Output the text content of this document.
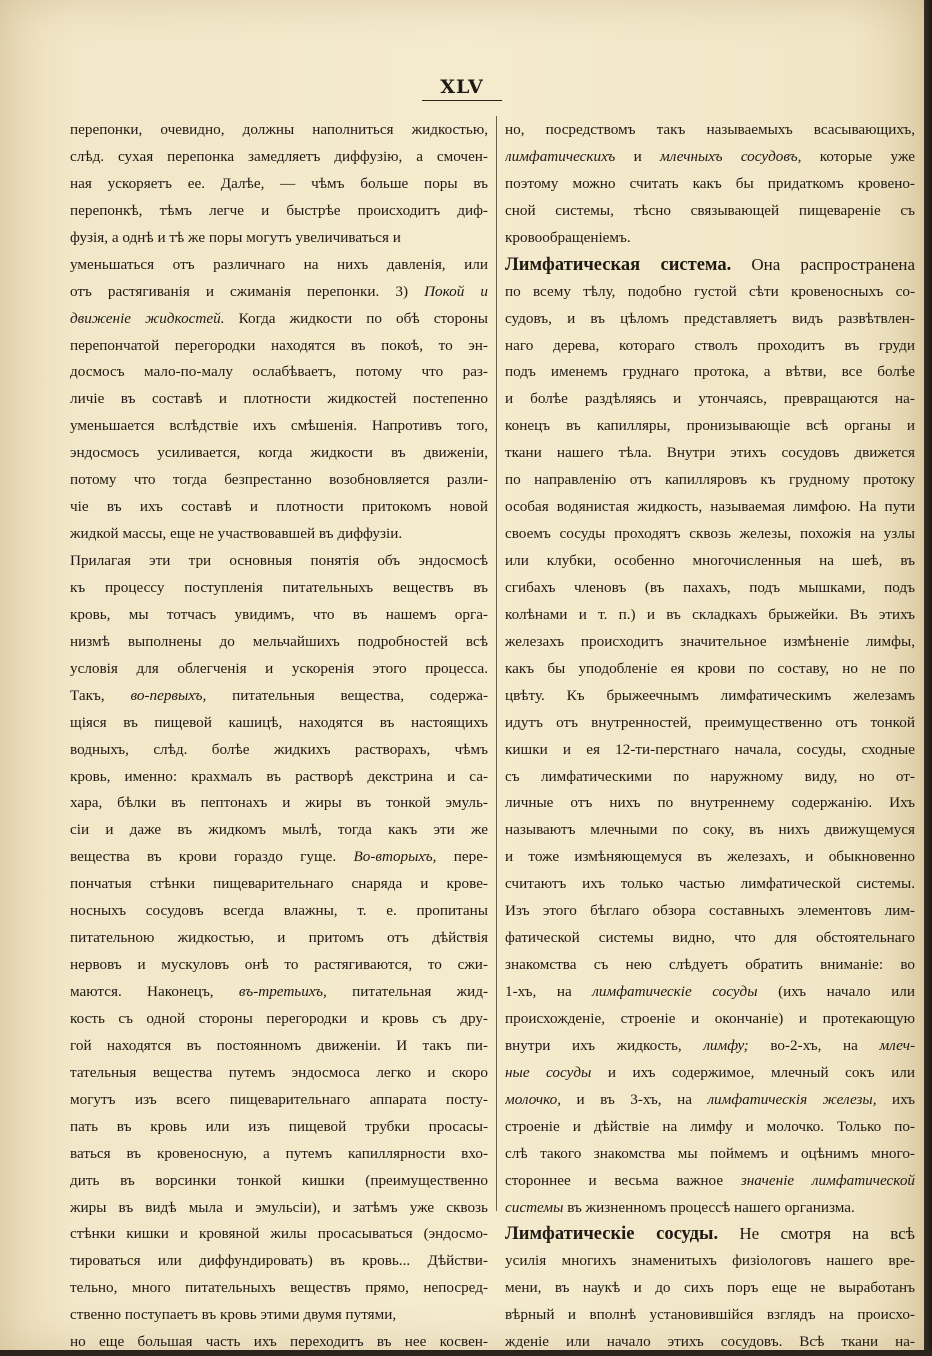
XLV
перепонки, очевидно, должны наполниться жидкостью,
слѣд. сухая перепонка замедляетъ диффузію, а смочен-
ная ускоряетъ ее. Далѣе, — чѣмъ больше поры въ
перепонкѣ, тѣмъ легче и быстрѣе происходитъ диф-
фузія, а однѣ и тѣ же поры могутъ увеличиваться и
уменьшаться отъ различнаго на нихъ давленія, или
отъ растягиванія и сжиманія перепонки. 3) Покой и
движеніе жидкостей. Когда жидкости по обѣ стороны
перепончатой перегородки находятся въ покоѣ, то эн-
досмосъ мало-по-малу ослабѣваетъ, потому что раз-
личіе въ составѣ и плотности жидкостей постепенно
уменьшается вслѣдствіе ихъ смѣшенія. Напротивъ того,
эндосмосъ усиливается, когда жидкости въ движеніи,
потому что тогда безпрестанно возобновляется разли-
чіе въ ихъ составѣ и плотности притокомъ новой
жидкой массы, еще не участвовавшей въ диффузіи.
Прилагая эти три основныя понятія объ эндосмосѣ
къ процессу поступленія питательныхъ веществъ въ
кровь, мы тотчасъ увидимъ, что въ нашемъ орга-
низмѣ выполнены до мельчайшихъ подробностей всѣ
условія для облегченія и ускоренія этого процесса.
Такъ, во-первыхъ, питательныя вещества, содержа-
щіяся въ пищевой кашицѣ, находятся въ настоящихъ
водныхъ, слѣд. болѣе жидкихъ растворахъ, чѣмъ
кровь, именно: крахмалъ въ растворѣ декстрина и са-
хара, бѣлки въ пептонахъ и жиры въ тонкой эмуль-
сіи и даже въ жидкомъ мылѣ, тогда какъ эти же
вещества въ крови гораздо гуще. Во-вторыхъ, пере-
пончатыя стѣнки пищеварительнаго снаряда и крове-
носныхъ сосудовъ всегда влажны, т. е. пропитаны
питательною жидкостью, и притомъ отъ дѣйствія
нервовъ и мускуловъ онѣ то растягиваются, то сжи-
маются. Наконецъ, въ-третьихъ, питательная жид-
кость съ одной стороны перегородки и кровь съ дру-
гой находятся въ постоянномъ движеніи. И такъ пи-
тательныя вещества путемъ эндосмоса легко и скоро
могутъ изъ всего пищеварительнаго аппарата посту-
пать въ кровь или изъ пищевой трубки просасы-
ваться въ кровеносную, а путемъ капиллярности вхо-
дить въ ворсинки тонкой кишки (преимущественно
жиры въ видѣ мыла и эмульсіи), и затѣмъ уже сквозь
стѣнки кишки и кровяной жилы просасываться (эндосмо-
тироваться или диффундировать) въ кровь... Дѣйстви-
тельно, много питательныхъ веществъ прямо, непосред-
ственно поступаетъ въ кровь этими двумя путями,
но еще большая часть ихъ переходитъ въ нее косвен-
но, посредствомъ такъ называемыхъ всасывающихъ,
лимфатическихъ и млечныхъ сосудовъ, которые уже
поэтому можно считать какъ бы придаткомъ кровено-
сной системы, тѣсно связывающей пищевареніе съ
кровообращеніемъ.
Лимфатическая система. Она распространена
по всему тѣлу, подобно густой сѣти кровеносныхъ со-
судовъ, и въ цѣломъ представляетъ видъ развѣтвлен-
наго дерева, котораго стволъ проходитъ въ груди
подъ именемъ груднаго протока, а вѣтви, все болѣе
и болѣе раздѣляясь и утончаясь, превращаются на-
конецъ въ капилляры, пронизывающіе всѣ органы и
ткани нашего тѣла. Внутри этихъ сосудовъ движется
по направленію отъ капилляровъ къ грудному протоку
особая водянистая жидкость, называемая лимфою. На пути
своемъ сосуды проходятъ сквозь железы, похожія на узлы
или клубки, особенно многочисленныя на шеѣ, въ
сгибахъ членовъ (въ пахахъ, подъ мышками, подъ
колѣнами и т. п.) и въ складкахъ брыжейки. Въ этихъ
железахъ происходитъ значительное измѣненіе лимфы,
какъ бы уподобленіе ея крови по составу, но не по
цвѣту. Къ брыжеечнымъ лимфатическимъ железамъ
идутъ отъ внутренностей, преимущественно отъ тонкой
кишки и ея 12-ти-перстнаго начала, сосуды, сходные
съ лимфатическими по наружному виду, но от-
личные отъ нихъ по внутреннему содержанію. Ихъ
называютъ млечными по соку, въ нихъ движущемуся
и тоже измѣняющемуся въ железахъ, и обыкновенно
считаютъ ихъ только частью лимфатической системы.
Изъ этого бѣглаго обзора составныхъ элементовъ лим-
фатической системы видно, что для обстоятельнаго
знакомства съ нею слѣдуетъ обратить вниманіе: во
1-хъ, на лимфатическіе сосуды (ихъ начало или
происхожденіе, строеніе и окончаніе) и протекающую
внутри ихъ жидкость, лимфу; во-2-хъ, на млеч-
ные сосуды и ихъ содержимое, млечный сокъ или
молочко, и въ 3-хъ, на лимфатическія железы, ихъ
строеніе и дѣйствіе на лимфу и молочко. Только по-
слѣ такого знакомства мы поймемъ и оцѣнимъ много-
стороннее и весьма важное значеніе лимфатической
системы въ жизненномъ процессѣ нашего организма.
Лимфатическіе сосуды. Не смотря на всѣ
усилія многихъ знаменитыхъ физіологовъ нашего вре-
мени, въ наукѣ и до сихъ поръ еще не выработанъ
вѣрный и вполнѣ установившійся взглядъ на происхо-
жденіе или начало этихъ сосудовъ. Всѣ ткани на-
